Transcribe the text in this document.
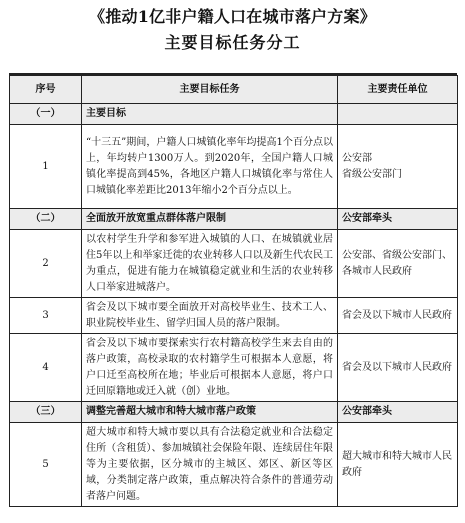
《推动1亿非户籍人口在城市落户方案》
主要目标任务分工
序号	主要目标任务	主要责任单位
（一）	主要目标	
1	“十三五”期间，户籍人口城镇化率年均提高1个百分点以上，年均转户1300万人。到2020年，全国户籍人口城镇化率提高到45%，各地区户籍人口城镇化率与常住人口城镇化率差距比2013年缩小2个百分点以上。	公安部
省级公安部门
（二）	全面放开放宽重点群体落户限制	公安部牵头
2	以农村学生升学和参军进入城镇的人口、在城镇就业居住5年以上和举家迁徙的农业转移人口以及新生代农民工为重点，促进有能力在城镇稳定就业和生活的农业转移人口举家进城落户。	公安部、省级公安部门、各城市人民政府
3	省会及以下城市要全面放开对高校毕业生、技术工人、职业院校毕业生、留学归国人员的落户限制。	省会及以下城市人民政府
4	省会及以下城市要探索实行农村籍高校学生来去自由的落户政策，高校录取的农村籍学生可根据本人意愿，将户口迁至高校所在地；毕业后可根据本人意愿，将户口迁回原籍地或迁入就（创）业地。	省会及以下城市人民政府
（三）	调整完善超大城市和特大城市落户政策	公安部牵头
5	超大城市和特大城市要以具有合法稳定就业和合法稳定住所（含租赁）、参加城镇社会保险年限、连续居住年限等为主要依据，区分城市的主城区、郊区、新区等区域，分类制定落户政策，重点解决符合条件的普通劳动者落户问题。	超大城市和特大城市人民政府
